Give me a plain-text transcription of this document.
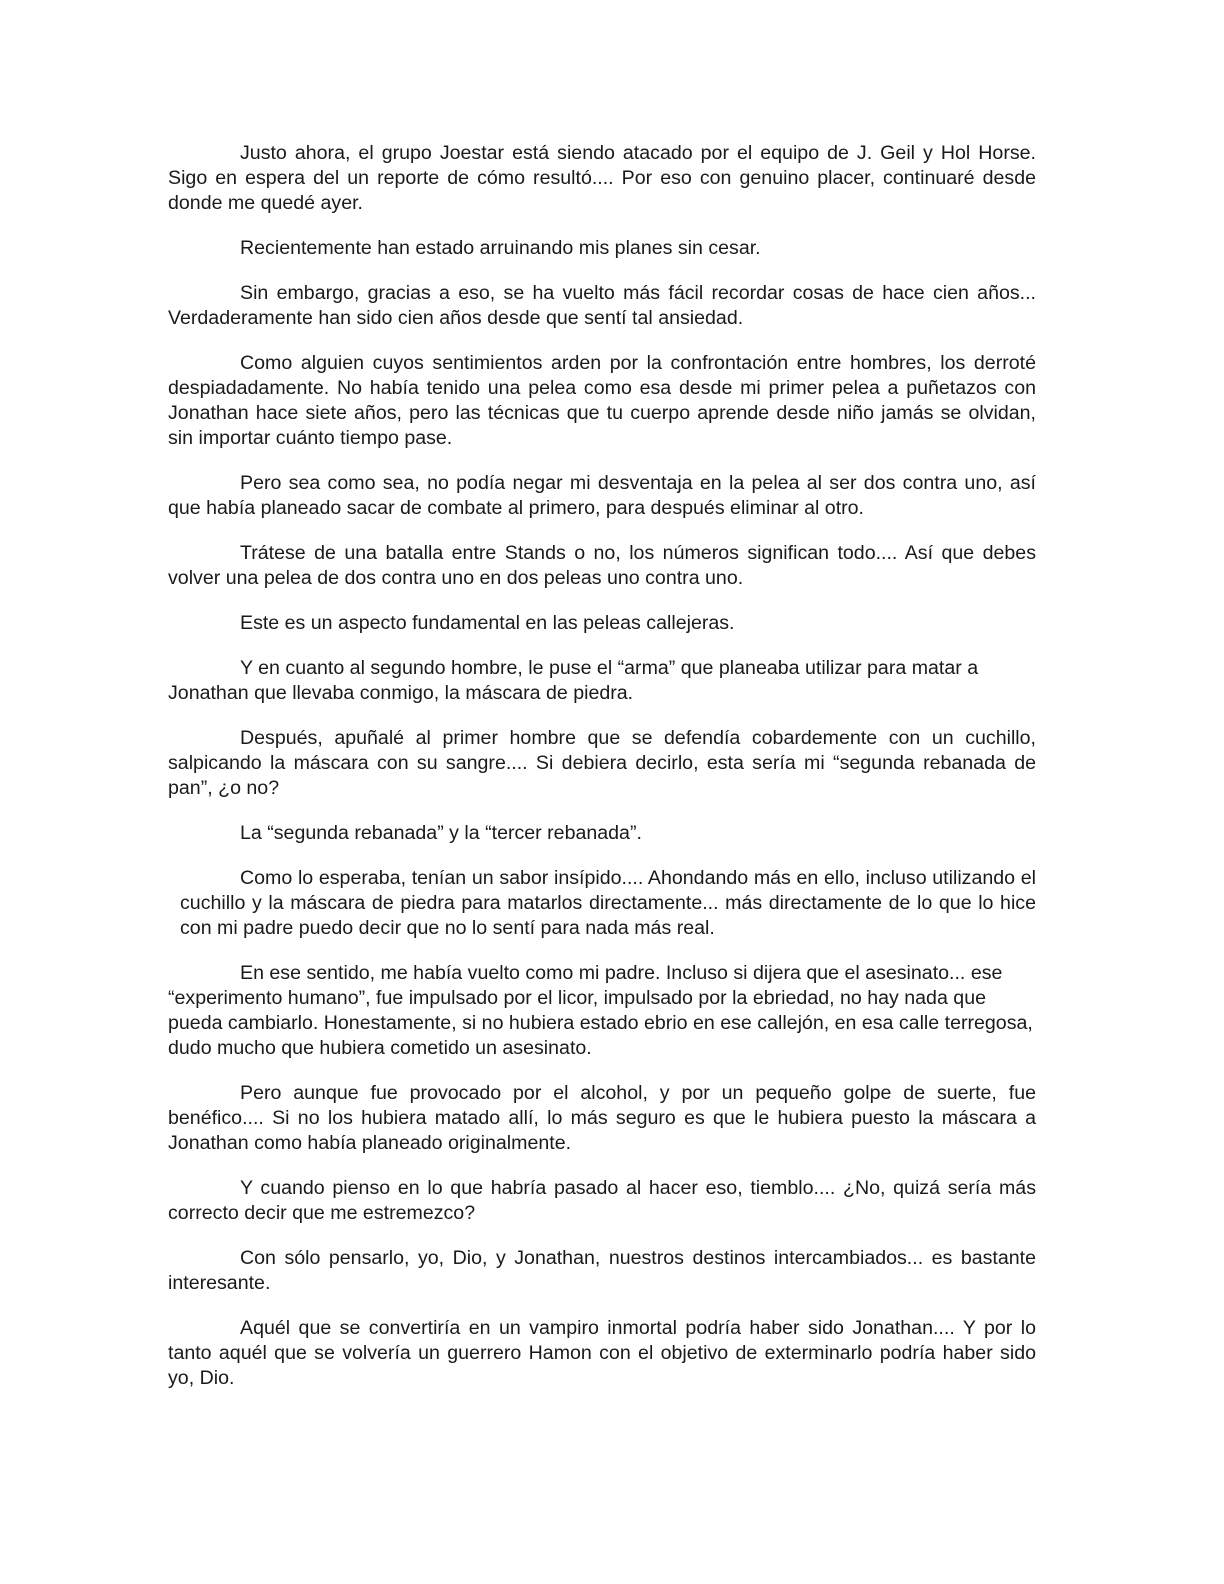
Justo ahora, el grupo Joestar está siendo atacado por el equipo de J. Geil y Hol Horse. Sigo en espera del un reporte de cómo resultó.... Por eso con genuino placer, continuaré desde donde me quedé ayer.

Recientemente han estado arruinando mis planes sin cesar.

Sin embargo, gracias a eso, se ha vuelto más fácil recordar cosas de hace cien años... Verdaderamente han sido cien años desde que sentí tal ansiedad.

Como alguien cuyos sentimientos arden por la confrontación entre hombres, los derroté despiadadamente. No había tenido una pelea como esa desde mi primer pelea a puñetazos con Jonathan hace siete años, pero las técnicas que tu cuerpo aprende desde niño jamás se olvidan, sin importar cuánto tiempo pase.

Pero sea como sea, no podía negar mi desventaja en la pelea al ser dos contra uno, así que había planeado sacar de combate al primero, para después eliminar al otro.

Trátese de una batalla entre Stands o no, los números significan todo.... Así que debes volver una pelea de dos contra uno en dos peleas uno contra uno.

Este es un aspecto fundamental en las peleas callejeras.

Y en cuanto al segundo hombre, le puse el “arma” que planeaba utilizar para matar a Jonathan que llevaba conmigo, la máscara de piedra.

Después, apuñalé al primer hombre que se defendía cobardemente con un cuchillo, salpicando la máscara con su sangre.... Si debiera decirlo, esta sería mi “segunda rebanada de pan”, ¿o no?

La “segunda rebanada” y la “tercer rebanada”.

Como lo esperaba, tenían un sabor insípido.... Ahondando más en ello, incluso utilizando el cuchillo y la máscara de piedra para matarlos directamente... más directamente de lo que lo hice con mi padre puedo decir que no lo sentí para nada más real.

En ese sentido, me había vuelto como mi padre. Incluso si dijera que el asesinato... ese “experimento humano”, fue impulsado por el licor, impulsado por la ebriedad, no hay nada que pueda cambiarlo. Honestamente, si no hubiera estado ebrio en ese callejón, en esa calle terregosa, dudo mucho que hubiera cometido un asesinato.

Pero aunque fue provocado por el alcohol, y por un pequeño golpe de suerte, fue benéfico.... Si no los hubiera matado allí, lo más seguro es que le hubiera puesto la máscara a Jonathan como había planeado originalmente.

Y cuando pienso en lo que habría pasado al hacer eso, tiemblo.... ¿No, quizá sería más correcto decir que me estremezco?

Con sólo pensarlo, yo, Dio, y Jonathan, nuestros destinos intercambiados... es bastante interesante.

Aquél que se convertiría en un vampiro inmortal podría haber sido Jonathan.... Y por lo tanto aquél que se volvería un guerrero Hamon con el objetivo de exterminarlo podría haber sido yo, Dio.
